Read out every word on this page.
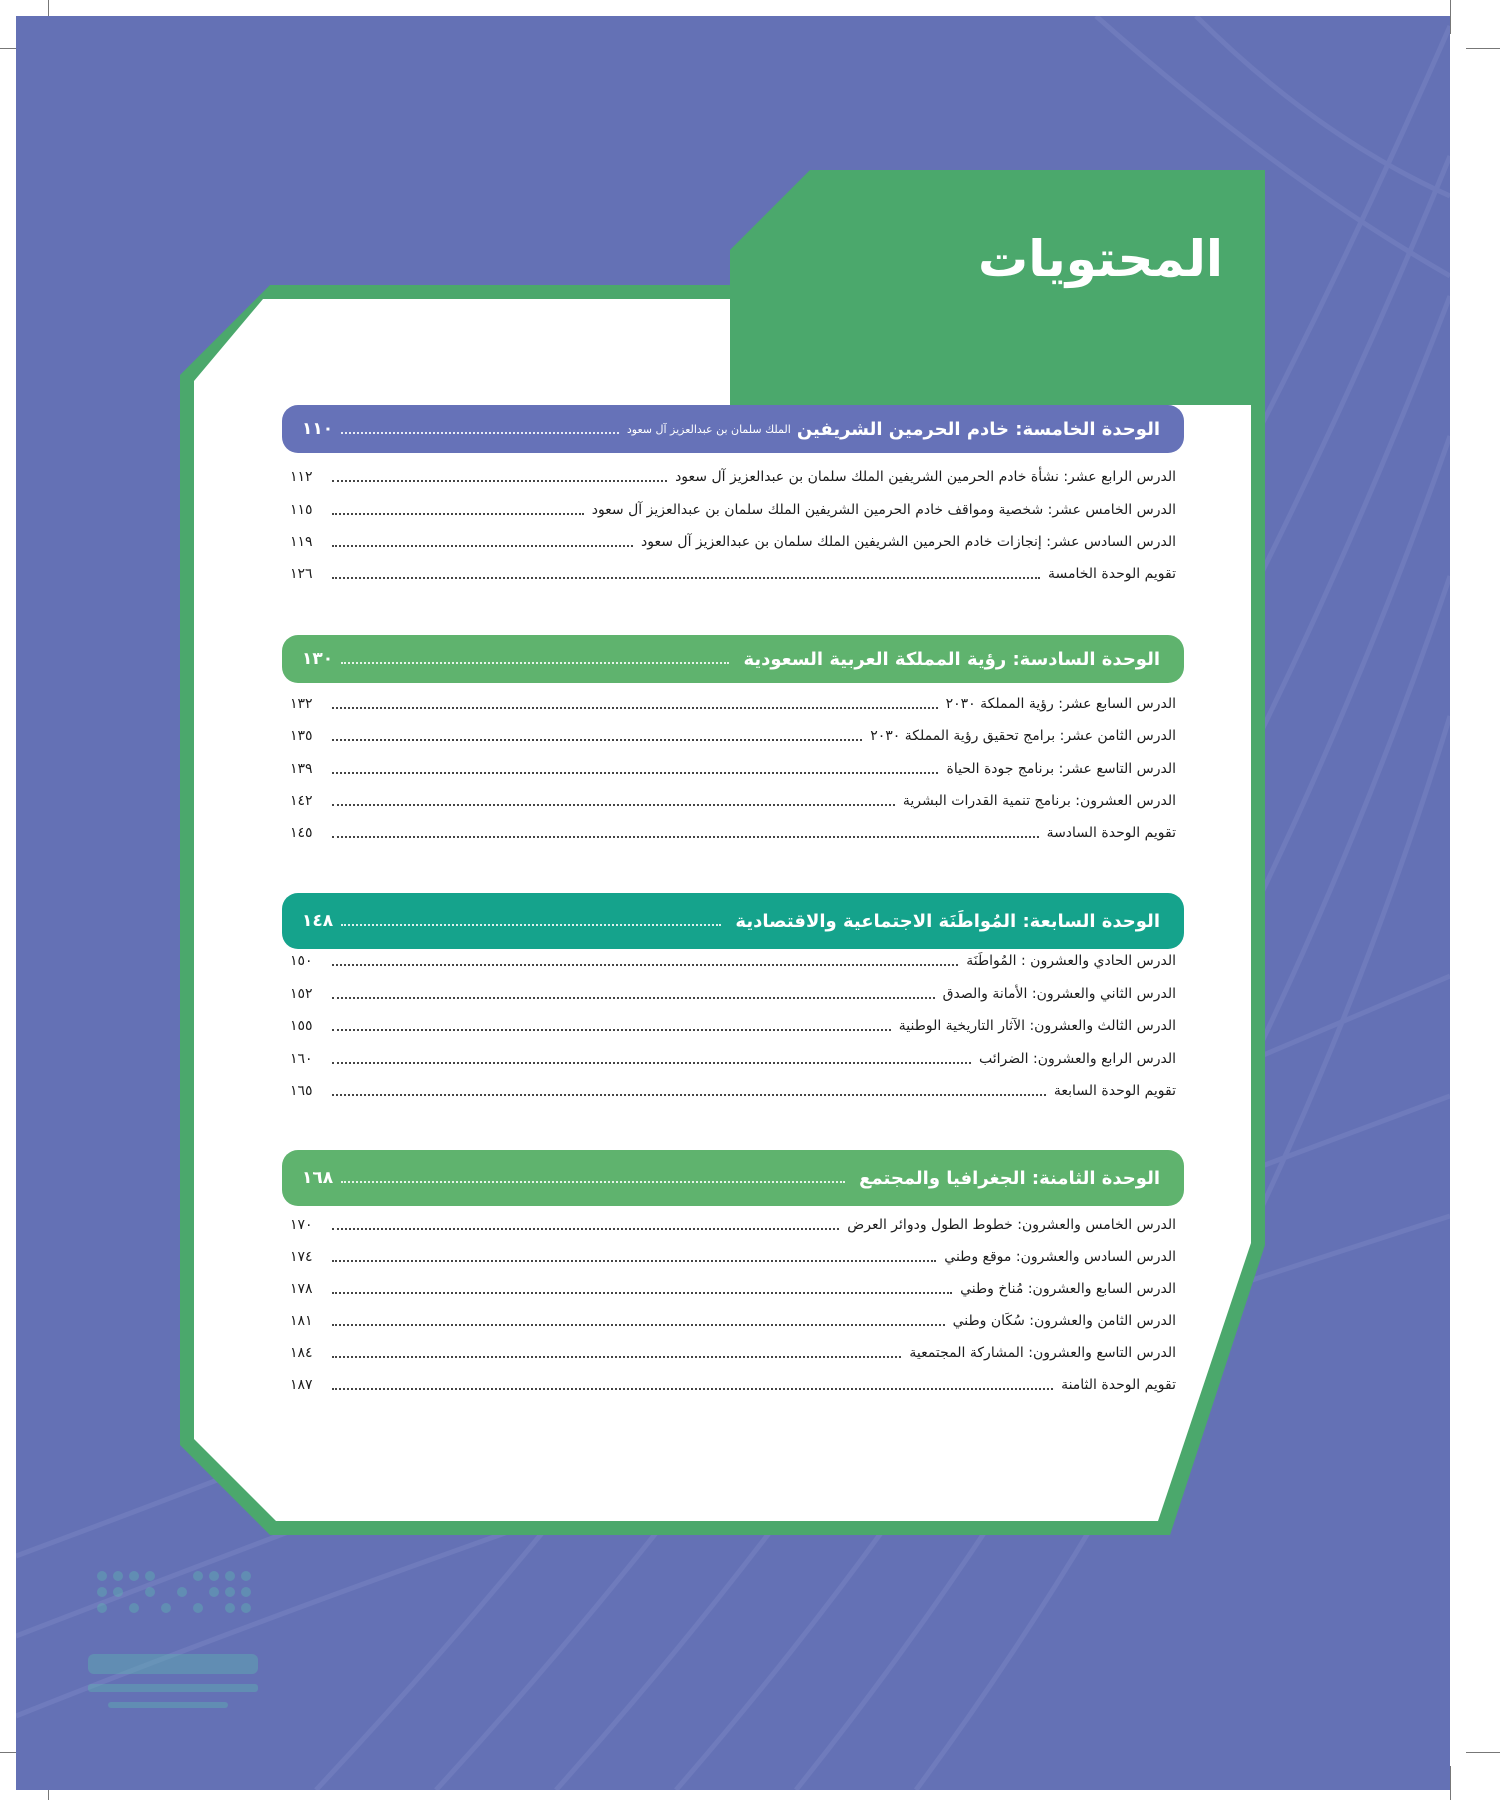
المحتويات
الوحدة الخامسة: خادم الحرمين الشريفين
الملك سلمان بن عبدالعزيز آل سعود
١١٠
الدرس الرابع عشر: نشأة خادم الحرمين الشريفين الملك سلمان بن عبدالعزيز آل سعود
١١٢
الدرس الخامس عشر: شخصية ومواقف خادم الحرمين الشريفين الملك سلمان بن عبدالعزيز آل سعود
١١٥
الدرس السادس عشر: إنجازات خادم الحرمين الشريفين الملك سلمان بن عبدالعزيز آل سعود
١١٩
تقويم الوحدة الخامسة
١٢٦
الوحدة السادسة: رؤية المملكة العربية السعودية
١٣٠
الدرس السابع عشر: رؤية المملكة ٢٠٣٠
١٣٢
الدرس الثامن عشر: برامج تحقيق رؤية المملكة ٢٠٣٠
١٣٥
الدرس التاسع عشر: برنامج جودة الحياة
١٣٩
الدرس العشرون: برنامج تنمية القدرات البشرية
١٤٢
تقويم الوحدة السادسة
١٤٥
الوحدة السابعة: المُواطَنَة الاجتماعية والاقتصادية
١٤٨
الدرس الحادي والعشرون : المُواطَنَة
١٥٠
الدرس الثاني والعشرون: الأمانة والصدق
١٥٢
الدرس الثالث والعشرون: الآثار التاريخية الوطنية
١٥٥
الدرس الرابع والعشرون: الضرائب
١٦٠
تقويم الوحدة السابعة
١٦٥
الوحدة الثامنة: الجغرافيا والمجتمع
١٦٨
الدرس الخامس والعشرون: خطوط الطول ودوائر العرض
١٧٠
الدرس السادس والعشرون: موقع وطني
١٧٤
الدرس السابع والعشرون: مُناخ وطني
١٧٨
الدرس الثامن والعشرون: سُكَان وطني
١٨١
الدرس التاسع والعشرون: المشاركة المجتمعية
١٨٤
تقويم الوحدة الثامنة
١٨٧
